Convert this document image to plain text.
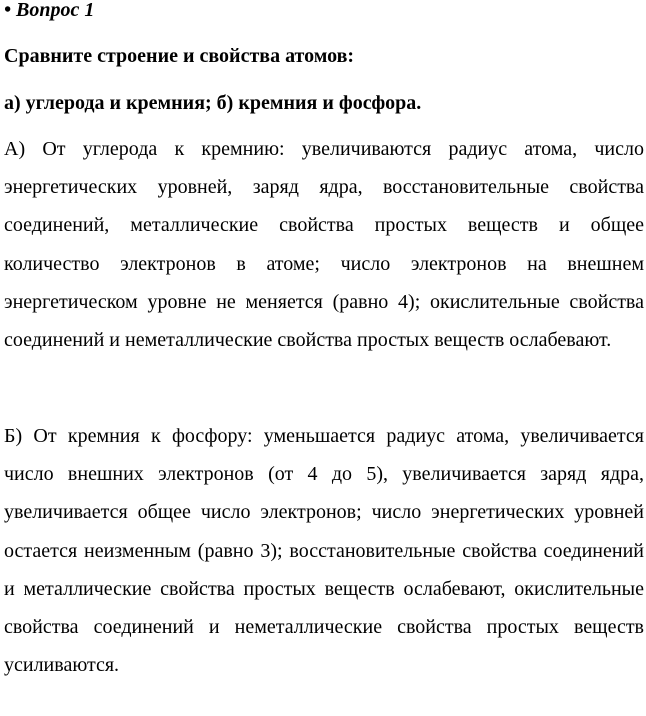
• Вопрос 1
Сравните строение и свойства атомов:
а) углерода и кремния; б) кремния и фосфора.

А) От углерода к кремнию: увеличиваются радиус атома, число энергетических уровней, заряд ядра, восстановительные свойства соединений, металлические свойства простых веществ и общее количество электронов в атоме; число электронов на внешнем энергетическом уровне не меняется (равно 4); окислительные свойства соединений и неметаллические свойства простых веществ ослабевают.

Б) От кремния к фосфору: уменьшается радиус атома, увеличивается число внешних электронов (от 4 до 5), увеличивается заряд ядра, увеличивается общее число электронов; число энергетических уровней остается неизменным (равно 3); восстановительные свойства соединений и металлические свойства простых веществ ослабевают, окислительные свойства соединений и неметаллические свойства простых веществ усиливаются.
